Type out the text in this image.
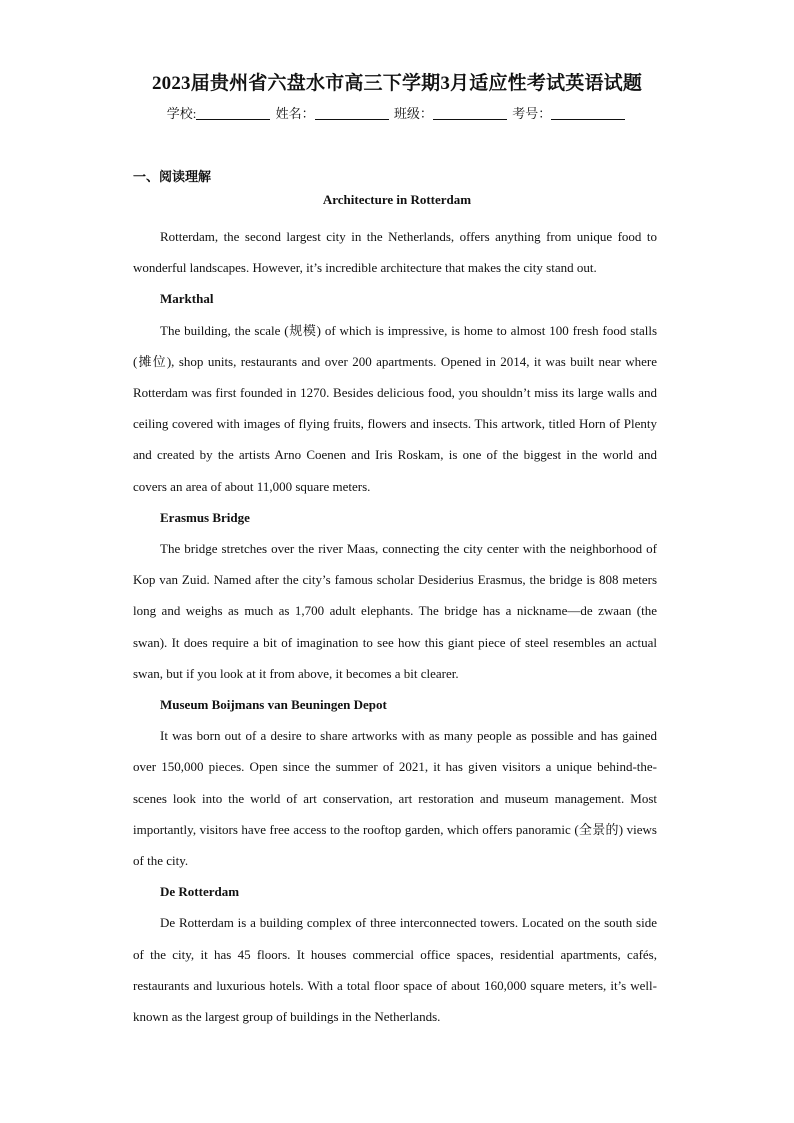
2023届贵州省六盘水市高三下学期3月适应性考试英语试题
学校:	姓名：	班级：	考号：
一、阅读理解
Architecture in Rotterdam

Rotterdam, the second largest city in the Netherlands, offers anything from unique food to wonderful landscapes. However, it’s incredible architecture that makes the city stand out.

Markthal

The building, the scale (规模) of which is impressive, is home to almost 100 fresh food stalls (摊位), shop units, restaurants and over 200 apartments. Opened in 2014, it was built near where Rotterdam was first founded in 1270. Besides delicious food, you shouldn’t miss its large walls and ceiling covered with images of flying fruits, flowers and insects. This artwork, titled Horn of Plenty and created by the artists Arno Coenen and Iris Roskam, is one of the biggest in the world and covers an area of about 11,000 square meters.

Erasmus Bridge

The bridge stretches over the river Maas, connecting the city center with the neighborhood of Kop van Zuid. Named after the city’s famous scholar Desiderius Erasmus, the bridge is 808 meters long and weighs as much as 1,700 adult elephants. The bridge has a nickname—de zwaan (the swan). It does require a bit of imagination to see how this giant piece of steel resembles an actual swan, but if you look at it from above, it becomes a bit clearer.

Museum Boijmans van Beuningen Depot

It was born out of a desire to share artworks with as many people as possible and has gained over 150,000 pieces. Open since the summer of 2021, it has given visitors a unique behind-the-scenes look into the world of art conservation, art restoration and museum management. Most importantly, visitors have free access to the rooftop garden, which offers panoramic (全景的) views of the city.

De Rotterdam

De Rotterdam is a building complex of three interconnected towers. Located on the south side of the city, it has 45 floors. It houses commercial office spaces, residential apartments, cafés, restaurants and luxurious hotels. With a total floor space of about 160,000 square meters, it’s well-known as the largest group of buildings in the Netherlands.
